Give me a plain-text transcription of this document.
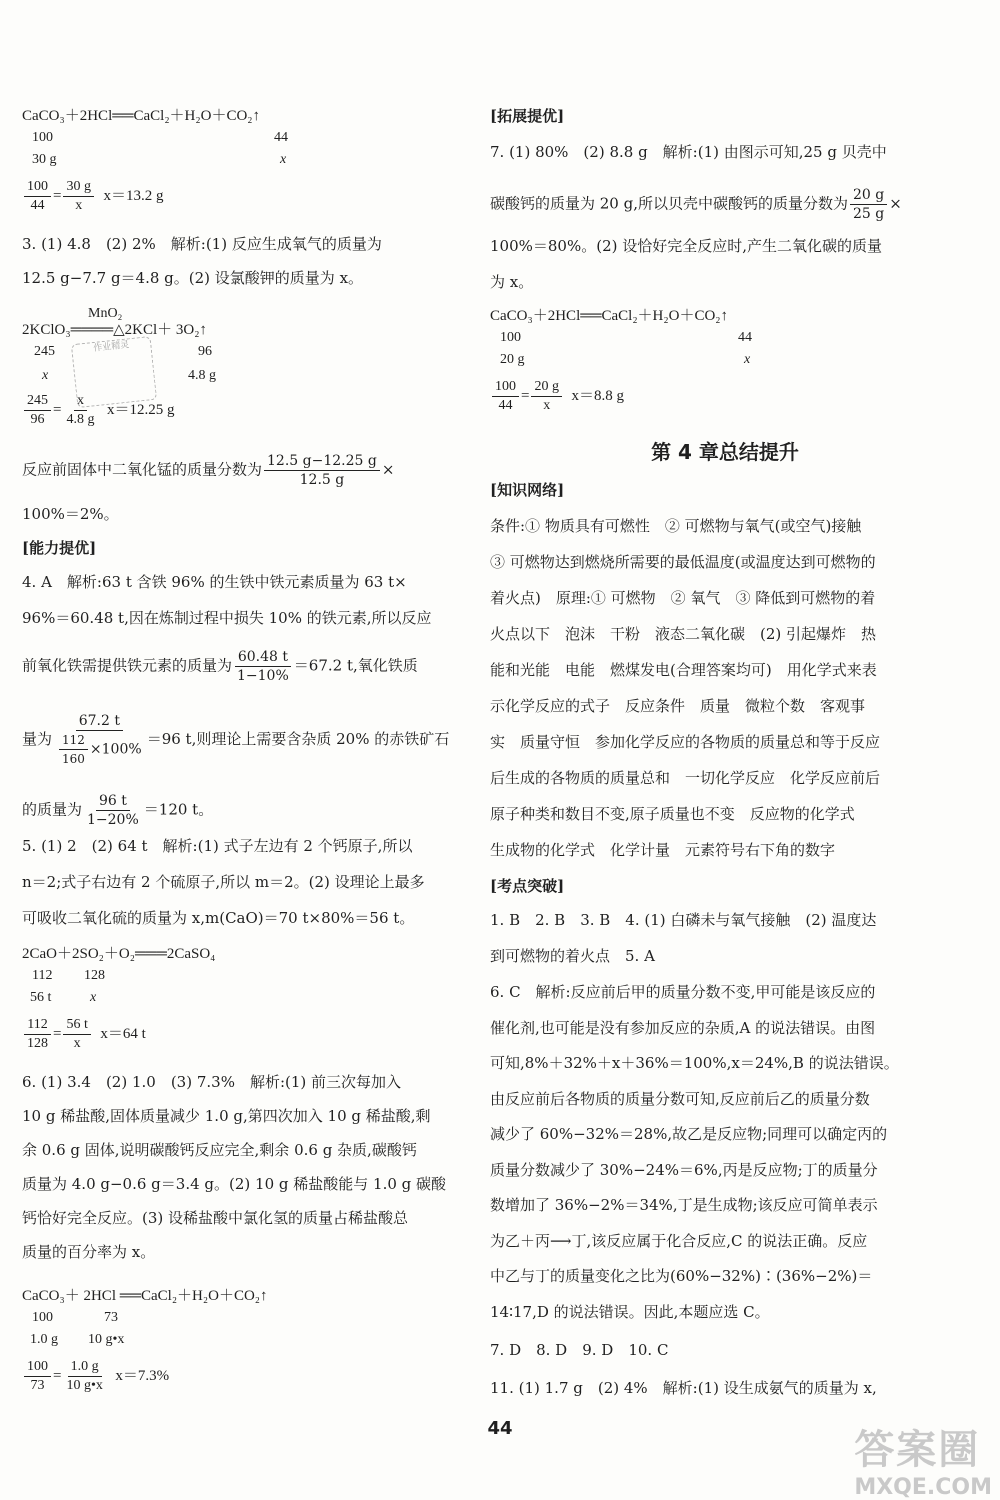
CaCO₃＋2HCl══CaCl₂＋H₂O＋CO₂↑
100	44
30 g	x
$\frac{100}{44} = \frac{30 g}{x} x=13.2$ g
3. (1) 4.8　(2) 2%　解析:(1) 反应生成氧气的质量为
12.5 g−7.7 g＝4.8 g。(2) 设氯酸钾的质量为 x。
MnO₂
2KClO₃════△2KCl＋ 3O₂↑
245	96
x	4.8 g
作业精灵
$\frac{245}{96} = \frac{x}{4.8 g} x=12.25$ g
反应前固体中二氧化锰的质量分数为 $\frac{12.5 g-12.25 g}{12.5 g}$ ×
100%＝2%。
[能力提优]
4. A　解析:63 t 含铁 96% 的生铁中铁元素质量为 63 t×
96%＝60.48 t,因在炼制过程中损失 10% 的铁元素,所以反应
前氧化铁需提供铁元素的质量为 $\frac{60.48 t}{1-10\%} =67.2$ t,氧化铁质
量为 $\frac{67.2 t}{\frac{112}{160} \times 100\%} =96$ t,则理论上需要含杂质 20% 的赤铁矿石
的质量为 $\frac{96 t}{1-20\%} =120$ t。
5. (1) 2　(2) 64 t　解析:(1) 式子左边有 2 个钙原子,所以
n＝2;式子右边有 2 个硫原子,所以 m＝2。(2) 设理论上最多
可吸收二氧化硫的质量为 x,m(CaO)＝70 t×80%＝56 t。
2CaO＋2SO₂＋O₂═══2CaSO₄
112 128
56 t	x
$\frac{112}{128} = \frac{56 t}{x} x=64$ t
6. (1) 3.4　(2) 1.0　(3) 7.3%　解析:(1) 前三次每加入
10 g 稀盐酸,固体质量减少 1.0 g,第四次加入 10 g 稀盐酸,剩
余 0.6 g 固体,说明碳酸钙反应完全,剩余 0.6 g 杂质,碳酸钙
质量为 4.0 g−0.6 g＝3.4 g。(2) 10 g 稀盐酸能与 1.0 g 碳酸
钙恰好完全反应。(3) 设稀盐酸中氯化氢的质量占稀盐酸总
质量的百分率为 x。
CaCO₃＋ 2HCl ══CaCl₂＋H₂O＋CO₂↑
100	73
1.0 g 10 g•x
$\frac{100}{73} = \frac{1.0 g}{10 g•x} x=7.3\%$
[拓展提优]
7. (1) 80%　(2) 8.8 g　解析:(1) 由图示可知,25 g 贝壳中
碳酸钙的质量为 20 g,所以贝壳中碳酸钙的质量分数为 $\frac{20 g}{25 g}$ ×
100%＝80%。(2) 设恰好完全反应时,产生二氧化碳的质量
为 x。
CaCO₃＋2HCl══CaCl₂＋H₂O＋CO₂↑
100	44
20 g	x
$\frac{100}{44} = \frac{20 g}{x} x=8.8$ g
第 4 章总结提升
[知识网络]
条件:① 物质具有可燃性　② 可燃物与氧气(或空气)接触
③ 可燃物达到燃烧所需要的最低温度(或温度达到可燃物的
着火点)　原理:① 可燃物　② 氧气　③ 降低到可燃物的着
火点以下　泡沫　干粉　液态二氧化碳　(2) 引起爆炸　热
能和光能　电能　燃煤发电(合理答案均可)　用化学式来表
示化学反应的式子　反应条件　质量　微粒个数　客观事
实　质量守恒　参加化学反应的各物质的质量总和等于反应
后生成的各物质的质量总和　一切化学反应　化学反应前后
原子种类和数目不变,原子质量也不变　反应物的化学式
生成物的化学式　化学计量　元素符号右下角的数字
[考点突破]
1. B　2. B　3. B　4. (1) 白磷未与氧气接触　(2) 温度达
到可燃物的着火点　5. A
6. C　解析:反应前后甲的质量分数不变,甲可能是该反应的
催化剂,也可能是没有参加反应的杂质,A 的说法错误。由图
可知,8%＋32%＋x＋36%＝100%,x＝24%,B 的说法错误。
由反应前后各物质的质量分数可知,反应前后乙的质量分数
减少了 60%−32%＝28%,故乙是反应物;同理可以确定丙的
质量分数减少了 30%−24%＝6%,丙是反应物;丁的质量分
数增加了 36%−2%＝34%,丁是生成物;该反应可简单表示
为乙＋丙⟶丁,该反应属于化合反应,C 的说法正确。反应
中乙与丁的质量变化之比为(60%−32%)∶(36%−2%)＝
14∶17,D 的说法错误。因此,本题应选 C。
7. D　8. D　9. D　10. C
11. (1) 1.7 g　(2) 4%　解析:(1) 设生成氨气的质量为 x,
44	答案圈
MXQE.COM
